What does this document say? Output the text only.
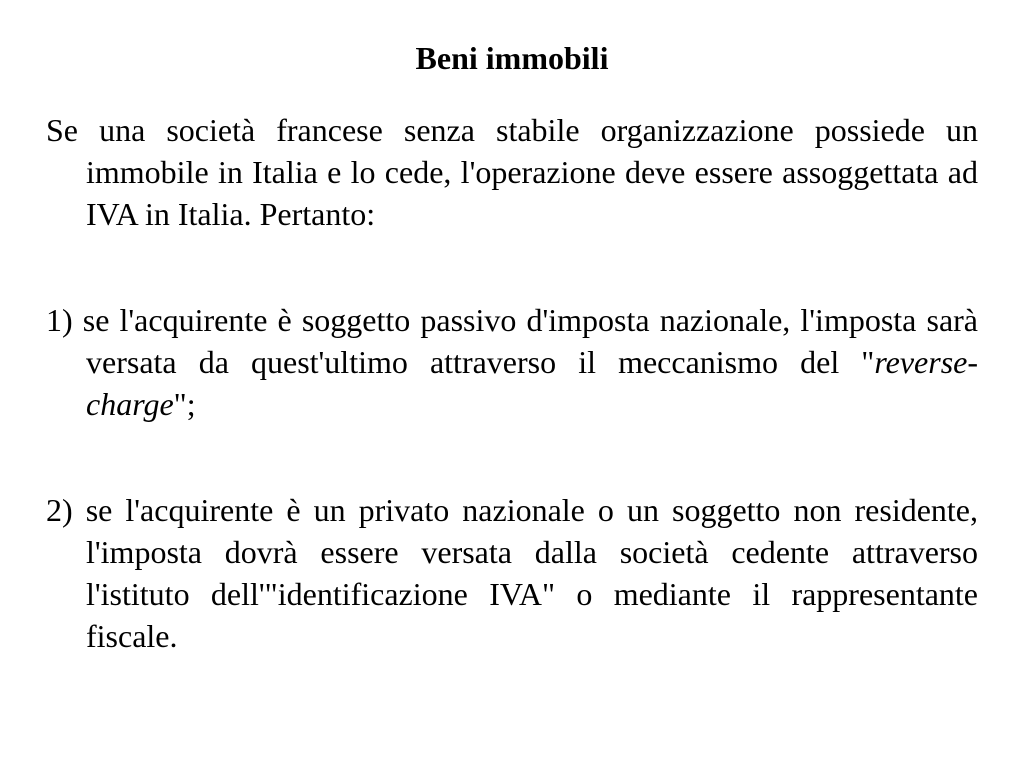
Beni immobili

Se una società francese senza stabile organizzazione possiede un immobile in Italia e lo cede, l'operazione deve essere assoggettata ad IVA in Italia. Pertanto:

1) se l'acquirente è soggetto passivo d'imposta nazionale, l'imposta sarà versata da quest'ultimo attraverso il meccanismo del "reverse-charge";

2) se l'acquirente è un privato nazionale o un soggetto non residente, l'imposta dovrà essere versata dalla società cedente attraverso l'istituto dell'"identificazione IVA" o mediante il rappresentante fiscale.
